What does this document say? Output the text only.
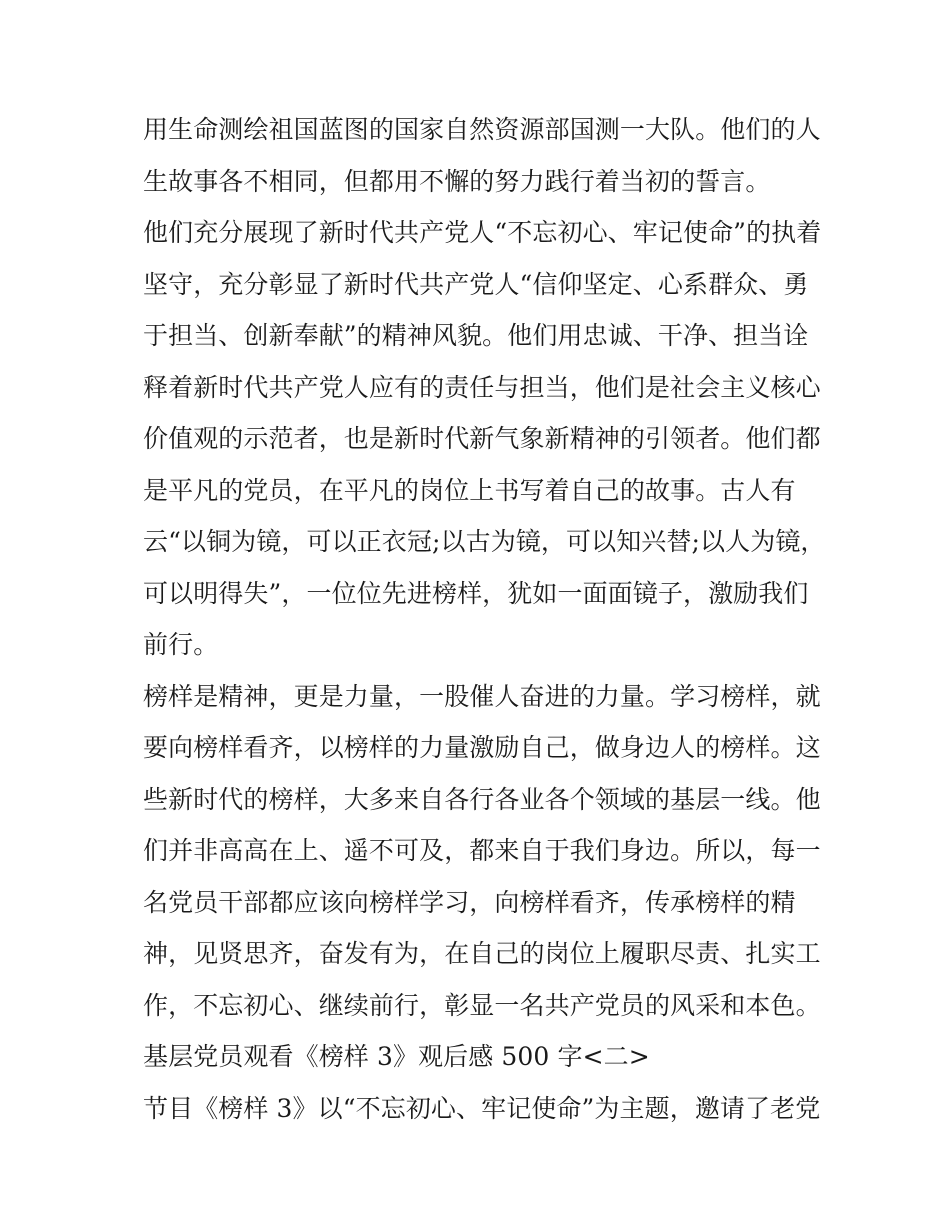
用生命测绘祖国蓝图的国家自然资源部国测一大队。他们的人
生故事各不相同，但都用不懈的努力践行着当初的誓言。
他们充分展现了新时代共产党人“不忘初心、牢记使命”的执着
坚守，充分彰显了新时代共产党人“信仰坚定、心系群众、勇
于担当、创新奉献”的精神风貌。他们用忠诚、干净、担当诠
释着新时代共产党人应有的责任与担当，他们是社会主义核心
价值观的示范者，也是新时代新气象新精神的引领者。他们都
是平凡的党员，在平凡的岗位上书写着自己的故事。古人有
云“以铜为镜，可以正衣冠;以古为镜，可以知兴替;以人为镜，
可以明得失”，一位位先进榜样，犹如一面面镜子，激励我们
前行。
榜样是精神，更是力量，一股催人奋进的力量。学习榜样，就
要向榜样看齐，以榜样的力量激励自己，做身边人的榜样。这
些新时代的榜样，大多来自各行各业各个领域的基层一线。他
们并非高高在上、遥不可及，都来自于我们身边。所以，每一
名党员干部都应该向榜样学习，向榜样看齐，传承榜样的精
神，见贤思齐，奋发有为，在自己的岗位上履职尽责、扎实工
作，不忘初心、继续前行，彰显一名共产党员的风采和本色。
基层党员观看《榜样 3》观后感 500 字<二>
节目《榜样 3》以“不忘初心、牢记使命”为主题，邀请了老党
